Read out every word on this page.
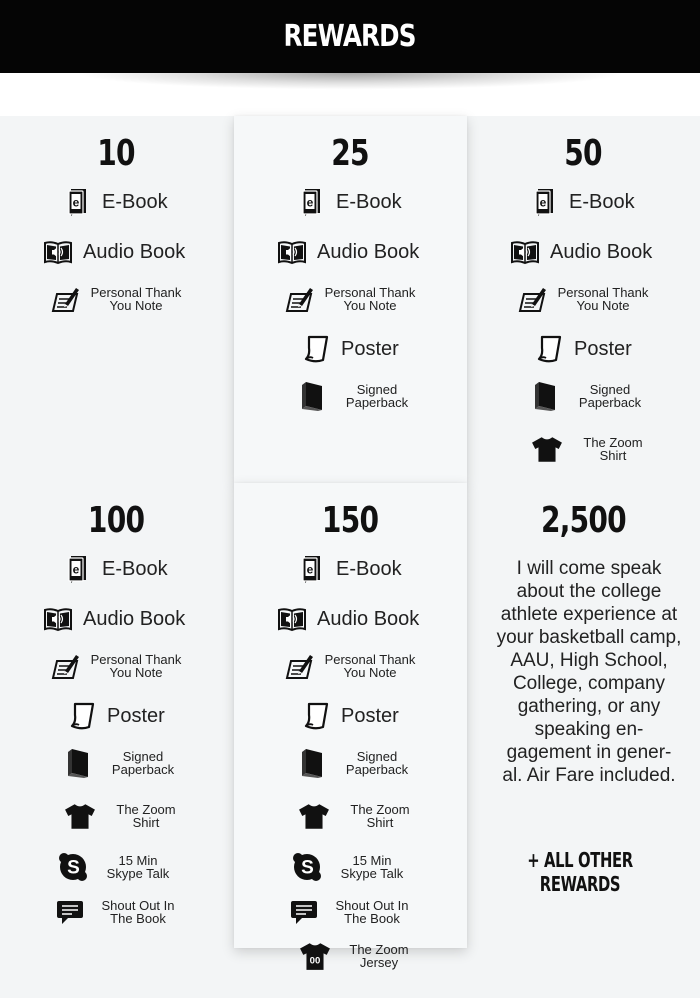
REWARDS
10	25	50
100	150	2,500
E-Book
Audio Book
Personal Thank
You Note
E-Book
Audio Book
Personal Thank
You Note
Poster
Signed
Paperback
E-Book
Audio Book
Personal Thank
You Note
Poster
Signed
Paperback
The Zoom
Shirt
E-Book
Audio Book
Personal Thank
You Note
Poster
Signed
Paperback
The Zoom
Shirt
15 Min
Skype Talk
Shout Out In
The Book
E-Book
Audio Book
Personal Thank
You Note
Poster
Signed
Paperback
The Zoom
Shirt
15 Min
Skype Talk
Shout Out In
The Book
The Zoom
Jersey
I will come speak about the college athlete experience at your basketball camp, AAU, High School, College, company gathering, or any speaking en- gagement in gener- al. Air Fare included.
+ ALL OTHER REWARDS
